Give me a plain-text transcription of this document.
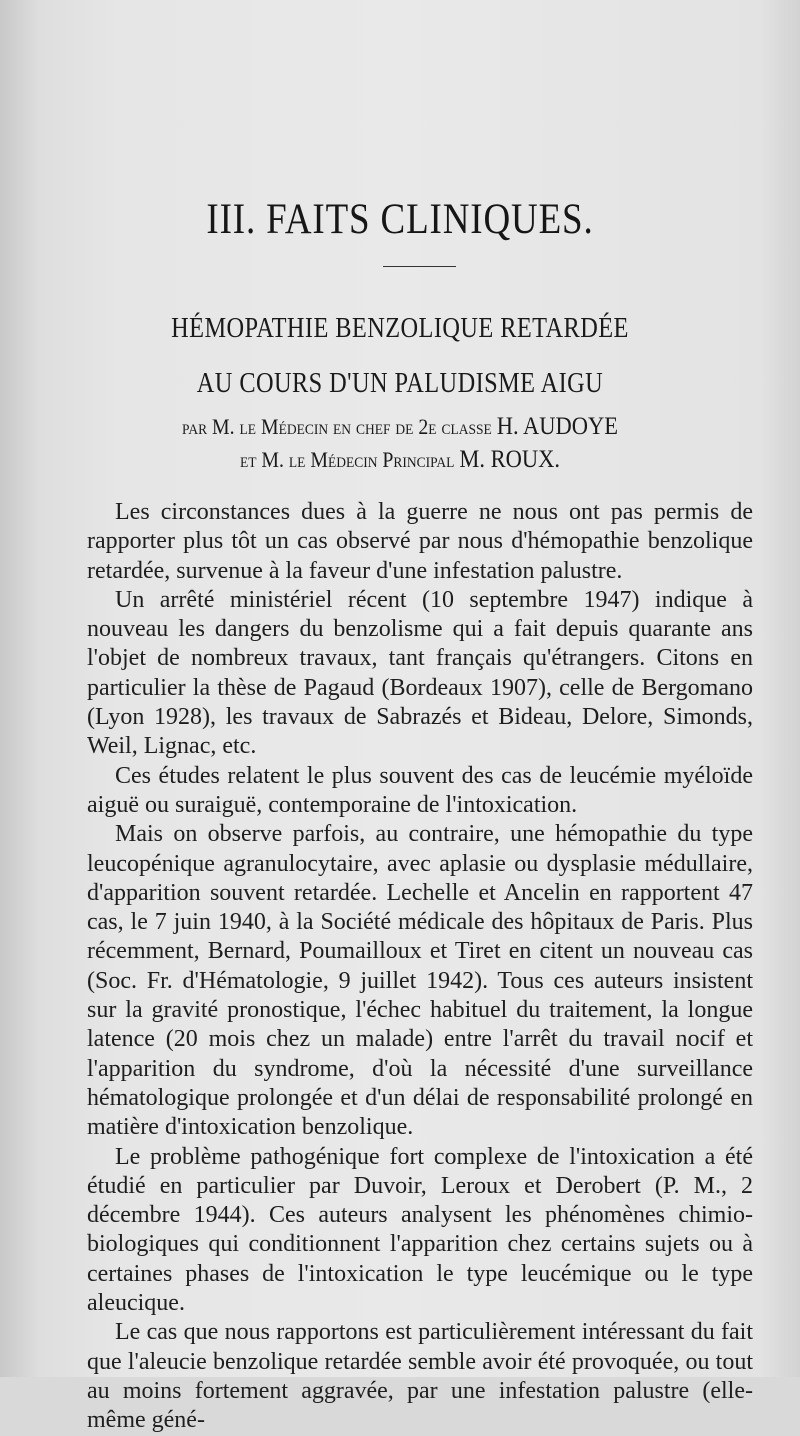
III. FAITS CLINIQUES.
HÉMOPATHIE BENZOLIQUE RETARDÉE
AU COURS D'UN PALUDISME AIGU
par M. le Médecin en chef de 2e classe H. AUDOYE
et M. le Médecin Principal M. ROUX.

Les circonstances dues à la guerre ne nous ont pas permis de rapporter plus tôt un cas observé par nous d'hémopathie benzolique retardée, survenue à la faveur d'une infestation palustre.

Un arrêté ministériel récent (10 septembre 1947) indique à nouveau les dangers du benzolisme qui a fait depuis quarante ans l'objet de nombreux travaux, tant français qu'étrangers. Citons en particulier la thèse de Pagaud (Bordeaux 1907), celle de Bergomano (Lyon 1928), les travaux de Sabrazés et Bideau, Delore, Simonds, Weil, Lignac, etc.

Ces études relatent le plus souvent des cas de leucémie myéloïde aiguë ou suraiguë, contemporaine de l'intoxication.

Mais on observe parfois, au contraire, une hémopathie du type leucopénique agranulocytaire, avec aplasie ou dysplasie médullaire, d'apparition souvent retardée. Lechelle et Ancelin en rapportent 47 cas, le 7 juin 1940, à la Société médicale des hôpitaux de Paris. Plus récemment, Bernard, Poumailloux et Tiret en citent un nouveau cas (Soc. Fr. d'Hématologie, 9 juillet 1942). Tous ces auteurs insistent sur la gravité pronostique, l'échec habituel du traitement, la longue latence (20 mois chez un malade) entre l'arrêt du travail nocif et l'apparition du syndrome, d'où la nécessité d'une surveillance hématologique prolongée et d'un délai de responsabilité prolongé en matière d'intoxication benzolique.

Le problème pathogénique fort complexe de l'intoxication a été étudié en particulier par Duvoir, Leroux et Derobert (P. M., 2 décembre 1944). Ces auteurs analysent les phénomènes chimio-biologiques qui conditionnent l'apparition chez certains sujets ou à certaines phases de l'intoxication le type leucémique ou le type aleucique.

Le cas que nous rapportons est particulièrement intéressant du fait que l'aleucie benzolique retardée semble avoir été provoquée, ou tout au moins fortement aggravée, par une infestation palustre (elle-même géné-
